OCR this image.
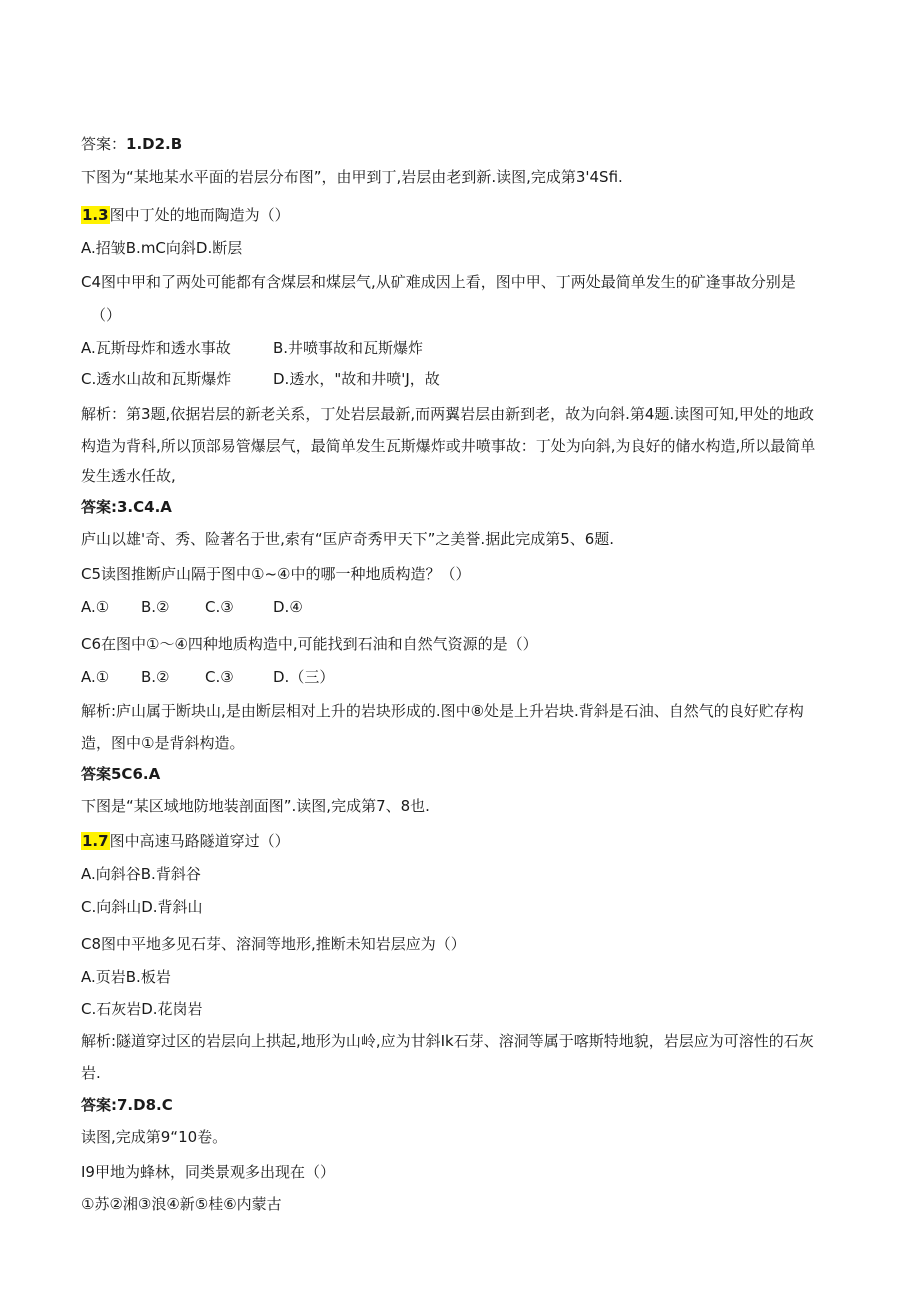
答案：1.D2.B
下图为“某地某水平面的岩层分布图”，由甲到丁,岩层由老到新.读图,完成第3'4Sfi.
1.3图中丁处的地而陶造为（）
A.招皱B.mC向斜D.断层
C4图中甲和了两处可能都有含煤层和煤层气,从矿难成因上看，图中甲、丁两处最简单发生的矿逢事故分别是
（）
A.瓦斯母炸和透水事故	B.井喷事故和瓦斯爆炸
C.透水山故和瓦斯爆炸	D.透水，"故和井喷'J，故
解析：第3题,依据岩层的新老关系，丁处岩层最新,而两翼岩层由新到老，故为向斜.第4题.读图可知,甲处的地政
构造为背科,所以顶部易管爆层气，最简单发生瓦斯爆炸或井喷事故：丁处为向斜,为良好的储水构造,所以最简单
发生透水任故,
答案:3.C4.A
庐山以雄'奇、秀、险著名于世,索有“匡庐奇秀甲天下”之美誉.据此完成第5、6题.
C5读图推断庐山隔于图中①~④中的哪一种地质构造？（）
A.① B.② C.③	D.④
C6在图中①〜④四种地质构造中,可能找到石油和自然气资源的是（）
A.① B.② C.③	D.（三）
解析:庐山属于断块山,是由断层相对上升的岩块形成的.图中⑧处是上升岩块.背斜是石油、自然气的良好贮存构
造，图中①是背斜构造。
答案5C6.A
下图是“某区域地防地装剖面图”.读图,完成第7、8也.
1.7图中高速马路隧道穿过（）
A.向斜谷B.背斜谷
C.向斜山D.背斜山
C8图中平地多见石芽、溶洞等地形,推断未知岩层应为（）
A.页岩B.板岩
C.石灰岩D.花岗岩
解析:隧道穿过区的岩层向上拱起,地形为山岭,应为甘斜Ik石芽、溶洞等属于喀斯特地貌，岩层应为可溶性的石灰
岩.
答案:7.D8.C
读图,完成第9“10卷。
I9甲地为蜂林，同类景观多出现在（）
①苏②湘③浪④新⑤桂⑥内蒙古
